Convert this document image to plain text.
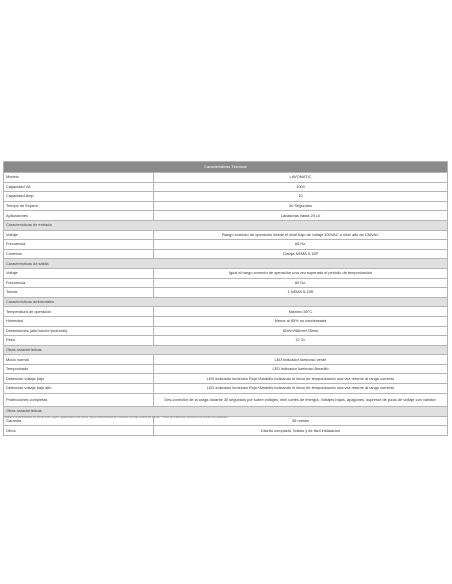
Características Técnicas	
Modelo	LAVOMATIC
Capacidad VA	1000
Capacidad Amp.	10
Tiempo de Espera	30 Segundos
Aplicaciones	Lavadoras hasta 20 Lb
Características de entrada	
Voltaje	Rango correcto de operación desde el nivel bajo de voltaje 100VAC a nivel alto de 130VAC
Frecuencia	60 Hz.
Conexión	Clavija NEMA 5-15P
Características de salida	
Voltaje	Igual al rango correcto de operación una vez superado el periodo de temporización
Frecuencia	60 Hz.
Tomas	1 NEMA 5-15R
Características ambientales	
Temperatura de operación	Máximo 55°C
Humedad	Menor al 85% no condensada
Dimensiones (alto*ancho*profundo)	82mm*56mm*28mm
Peso	72 Gr.
Otras características	
Modo normal	LED indicador luminoso verde
Temporizado	LED indicador luminoso Amarillo
Detección voltaje bajo	LED indicador luminoso Rojo+Amarillo indicando el inicio de temporización una vez retorne al rango correcto
Detección voltaje bajo alto	LED indicador luminoso Rojo+Amarillo indicando el inicio de temporización una vez retorne al rango correcto
Protecciones completas	Des-conexión de la carga durante 30 segundos por sobre voltajes, mini cortes de energía, Voltajes bajos, apagones, supresor de picos de voltaje con varistor.
Otras características	
Garantía	36 meses
Otros	Diseño compacto, liviano y de fácil instalación
* Sujeto a modificaciones sin previo aviso, según requerimiento del cliente, según disponibilidad de inventario y/o bajo pedido del cliente. * Fotos de referencia, accesorios se venden por separado.
